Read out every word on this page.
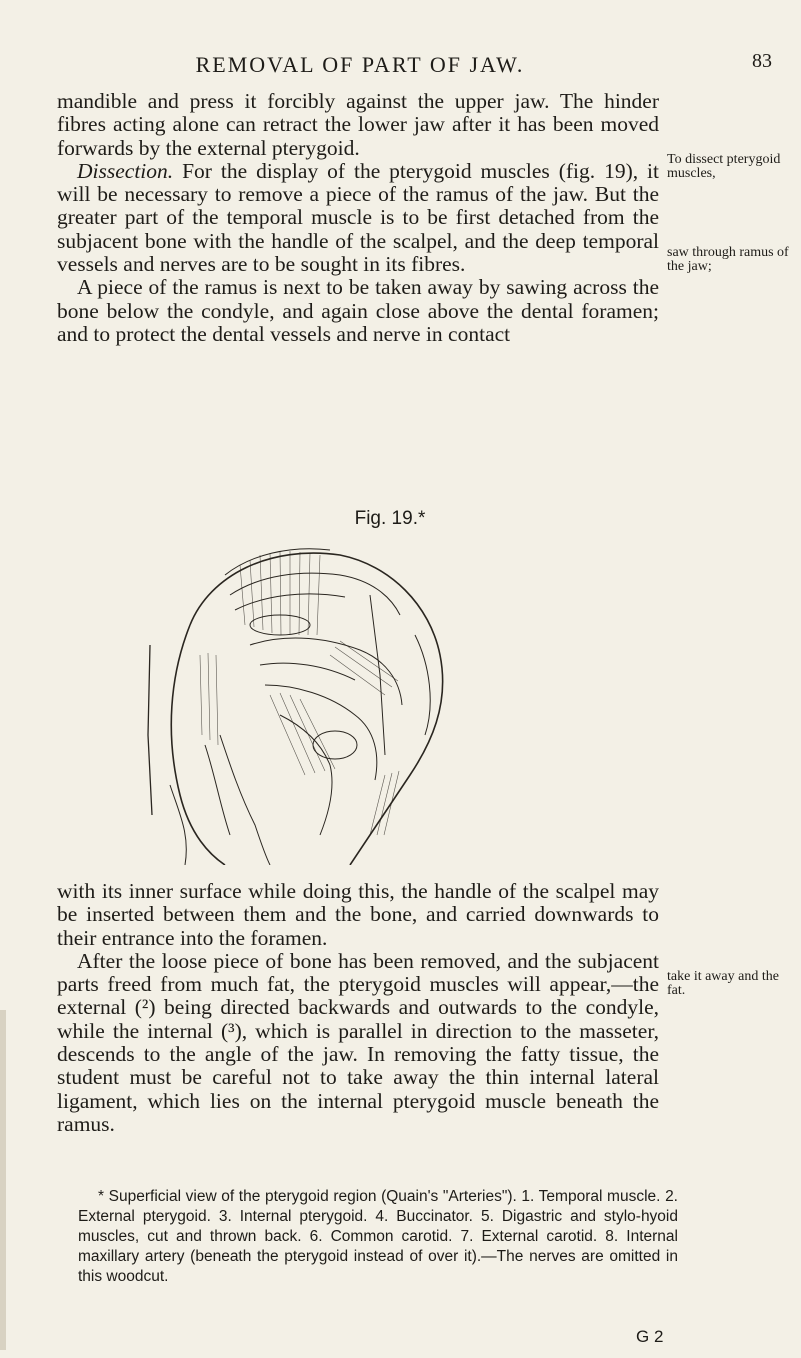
REMOVAL OF PART OF JAW.	83

mandible and press it forcibly against the upper jaw. The hinder fibres acting alone can retract the lower jaw after it has been moved forwards by the external pterygoid.

Dissection. For the display of the pterygoid muscles (fig. 19), it will be necessary to remove a piece of the ramus of the jaw. But the greater part of the temporal muscle is to be first detached from the subjacent bone with the handle of the scalpel, and the deep temporal vessels and nerves are to be sought in its fibres.

A piece of the ramus is next to be taken away by sawing across the bone below the condyle, and again close above the dental foramen; and to protect the dental vessels and nerve in contact

To dissect pterygoid muscles,
saw through ramus of the jaw;
take it away and the fat.
Fig. 19.*

with its inner surface while doing this, the handle of the scalpel may be inserted between them and the bone, and carried downwards to their entrance into the foramen.

After the loose piece of bone has been removed, and the subjacent parts freed from much fat, the pterygoid muscles will appear,—the external (²) being directed backwards and outwards to the condyle, while the internal (³), which is parallel in direction to the masseter, descends to the angle of the jaw. In removing the fatty tissue, the student must be careful not to take away the thin internal lateral ligament, which lies on the internal pterygoid muscle beneath the ramus.

* Superficial view of the pterygoid region (Quain's "Arteries"). 1. Temporal muscle. 2. External pterygoid. 3. Internal pterygoid. 4. Buccinator. 5. Digastric and stylo-hyoid muscles, cut and thrown back. 6. Common carotid. 7. External carotid. 8. Internal maxillary artery (beneath the pterygoid instead of over it).—The nerves are omitted in this woodcut.

G 2
